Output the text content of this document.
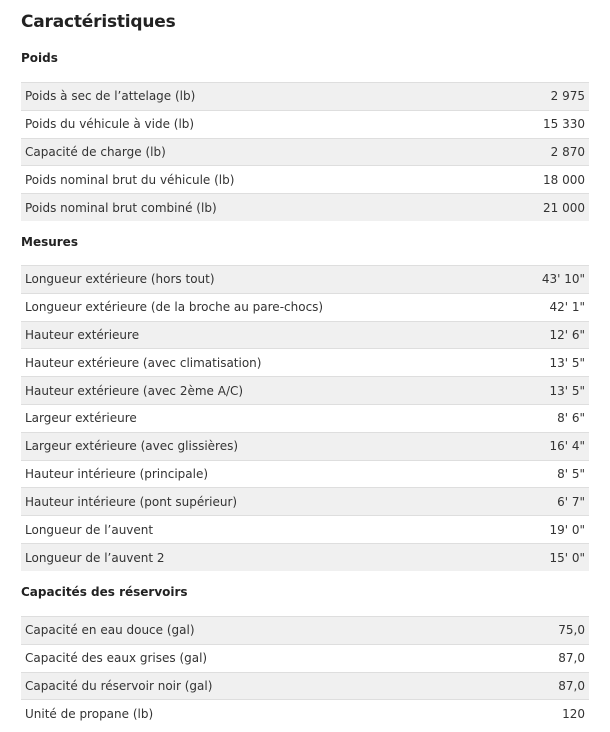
Caractéristiques
Poids
Poids à sec de l’attelage (lb)	2 975
Poids du véhicule à vide (lb)	15 330
Capacité de charge (lb)	2 870
Poids nominal brut du véhicule (lb)	18 000
Poids nominal brut combiné (lb)	21 000
Mesures
Longueur extérieure (hors tout)	43' 10"
Longueur extérieure (de la broche au pare-chocs)	42' 1"
Hauteur extérieure	12' 6"
Hauteur extérieure (avec climatisation)	13' 5"
Hauteur extérieure (avec 2ème A/C)	13' 5"
Largeur extérieure	8' 6"
Largeur extérieure (avec glissières)	16' 4"
Hauteur intérieure (principale)	8' 5"
Hauteur intérieure (pont supérieur)	6' 7"
Longueur de l’auvent	19' 0"
Longueur de l’auvent 2	15' 0"
Capacités des réservoirs
Capacité en eau douce (gal)	75,0
Capacité des eaux grises (gal)	87,0
Capacité du réservoir noir (gal)	87,0
Unité de propane (lb)	120
